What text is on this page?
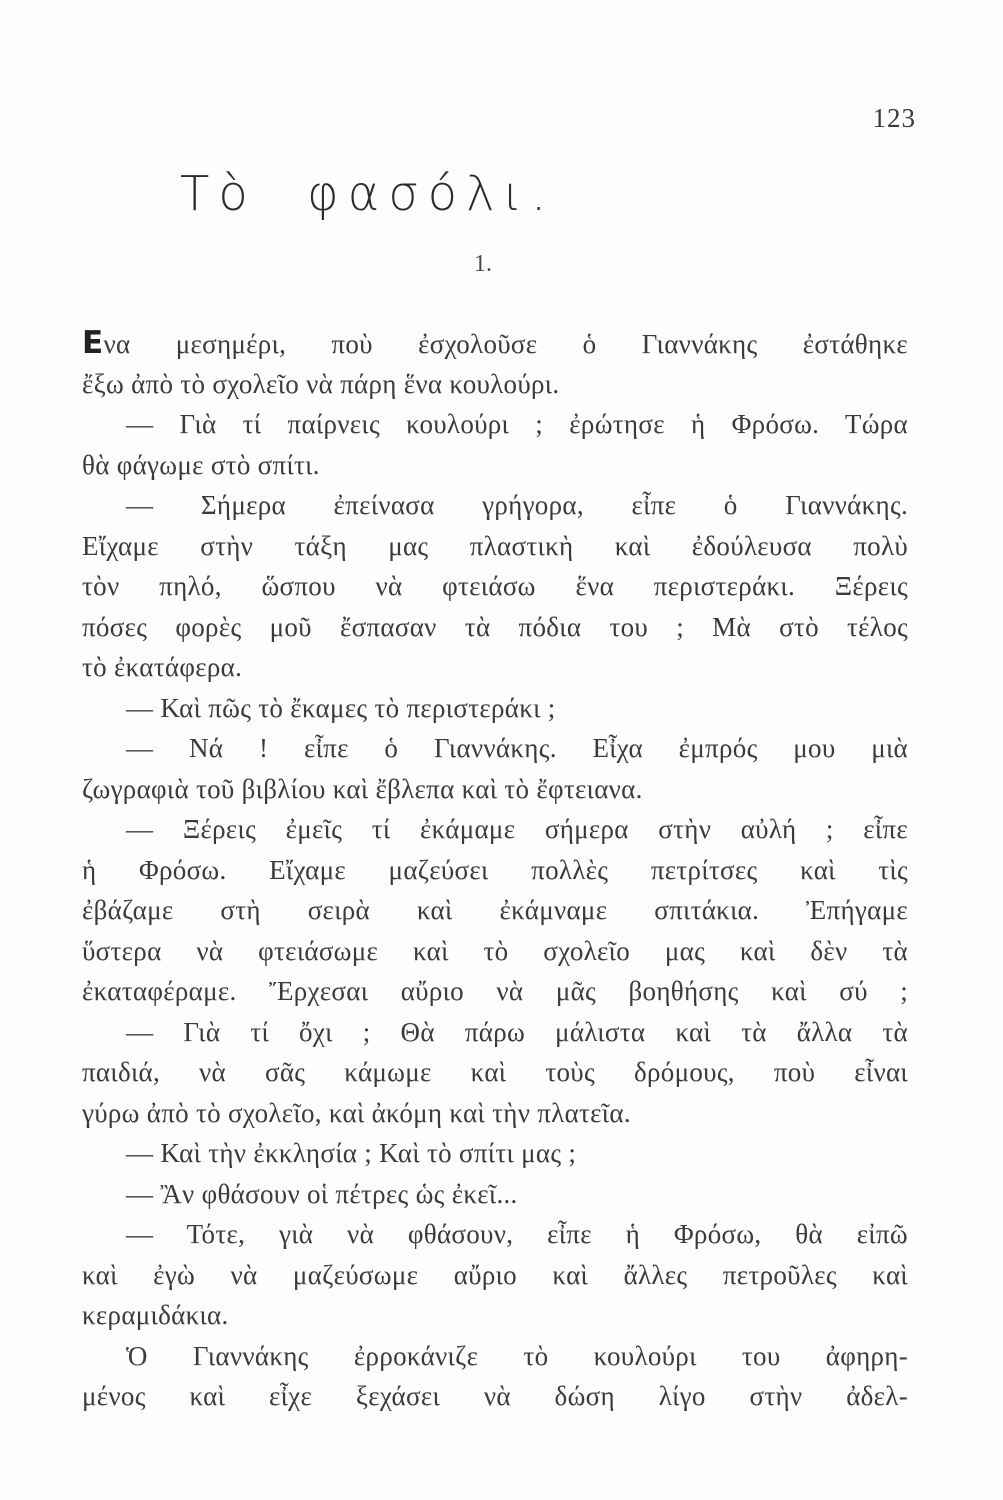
123
Τὸ φασόλι.
1.
Ενα μεσημέρι, ποὺ ἐσχολοῦσε ὁ Γιαννάκης ἐστάθηκε
ἔξω ἀπὸ τὸ σχολεῖο νὰ πάρη ἕνα κουλούρι.
— Γιὰ τί παίρνεις κουλούρι ; ἐρώτησε ἡ Φρόσω. Τώρα
θὰ φάγωμε στὸ σπίτι.
— Σήμερα ἐπείνασα γρήγορα, εἶπε ὁ Γιαννάκης.
Εἴχαμε στὴν τάξη μας πλαστικὴ καὶ ἐδούλευσα πολὺ
τὸν πηλό, ὥσπου νὰ φτειάσω ἕνα περιστεράκι. Ξέρεις
πόσες φορὲς μοῦ ἔσπασαν τὰ πόδια του ; Μὰ στὸ τέλος
τὸ ἐκατάφερα.
— Καὶ πῶς τὸ ἔκαμες τὸ περιστεράκι ;
— Νά ! εἶπε ὁ Γιαννάκης. Εἶχα ἐμπρός μου μιὰ
ζωγραφιὰ τοῦ βιβλίου καὶ ἔβλεπα καὶ τὸ ἔφτειανα.
— Ξέρεις ἐμεῖς τί ἐκάμαμε σήμερα στὴν αὐλή ; εἶπε
ἡ Φρόσω. Εἴχαμε μαζεύσει πολλὲς πετρίτσες καὶ τὶς
ἐβάζαμε στὴ σειρὰ καὶ ἐκάμναμε σπιτάκια. Ἐπήγαμε
ὕστερα νὰ φτειάσωμε καὶ τὸ σχολεῖο μας καὶ δὲν τὰ
ἐκαταφέραμε. Ἔρχεσαι αὔριο νὰ μᾶς βοηθήσης καὶ σύ ;
— Γιὰ τί ὄχι ; Θὰ πάρω μάλιστα καὶ τὰ ἄλλα τὰ
παιδιά, νὰ σᾶς κάμωμε καὶ τοὺς δρόμους, ποὺ εἶναι
γύρω ἀπὸ τὸ σχολεῖο, καὶ ἀκόμη καὶ τὴν πλατεῖα.
— Καὶ τὴν ἐκκλησία ; Καὶ τὸ σπίτι μας ;
— Ἂν φθάσουν οἱ πέτρες ὡς ἐκεῖ...
— Τότε, γιὰ νὰ φθάσουν, εἶπε ἡ Φρόσω, θὰ εἰπῶ
καὶ ἐγὼ νὰ μαζεύσωμε αὔριο καὶ ἄλλες πετροῦλες καὶ
κεραμιδάκια.
Ὁ Γιαννάκης ἐρροκάνιζε τὸ κουλούρι του ἀφηρη-
μένος καὶ εἶχε ξεχάσει νὰ δώση λίγο στὴν ἀδελ-
